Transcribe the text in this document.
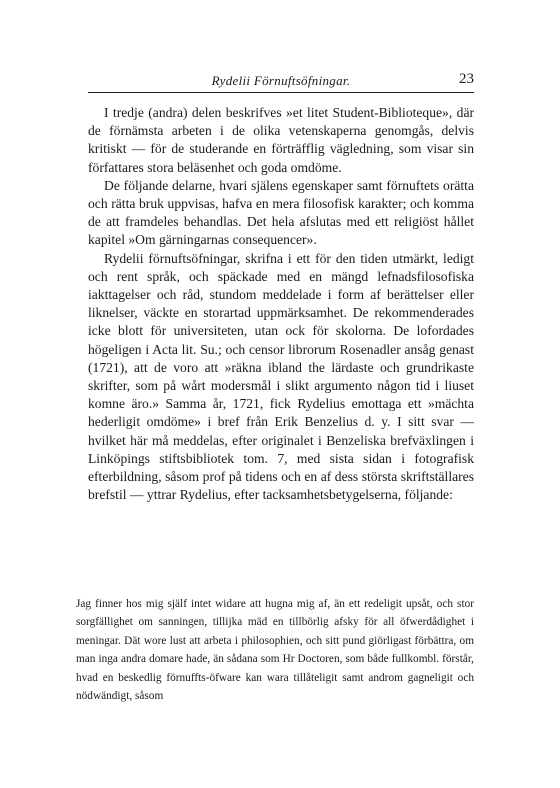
Rydelii Förnuftsöfningar.	23

I tredje (andra) delen beskrifves »et litet Student-Biblioteque», där de förnämsta arbeten i de olika vetenskaperna genomgås, delvis kritiskt — för de studerande en förträfflig vägledning, som visar sin författares stora beläsenhet och goda omdöme.

De följande delarne, hvari själens egenskaper samt förnuftets orätta och rätta bruk uppvisas, hafva en mera filosofisk karakter; och komma de att framdeles behandlas. Det hela afslutas med ett religiöst hållet kapitel »Om gärningarnas consequencer».

Rydelii förnuftsöfningar, skrifna i ett för den tiden utmärkt, ledigt och rent språk, och späckade med en mängd lefnadsfilosofiska iakttagelser och råd, stundom meddelade i form af berättelser eller liknelser, väckte en storartad uppmärksamhet. De rekommenderades icke blott för universiteten, utan ock för skolorna. De lofordades högeligen i Acta lit. Su.; och censor librorum Rosenadler ansåg genast (1721), att de voro att »räkna ibland the lärdaste och grundrikaste skrifter, som på wårt modersmål i slikt argumento någon tid i liuset komne äro.» Samma år, 1721, fick Rydelius emottaga ett »mächta hederligit omdöme» i bref från Erik Benzelius d. y. I sitt svar — hvilket här må meddelas, efter originalet i Benzeliska brefväxlingen i Linköpings stiftsbibliotek tom. 7, med sista sidan i fotografisk efterbildning, såsom prof på tidens och en af dess största skriftställares brefstil — yttrar Rydelius, efter tacksamhetsbetygelserna, följande:

Jag finner hos mig själf intet widare att hugna mig af, än ett redeligit upsåt, och stor sorgfällighet om sanningen, tillijka mäd en tillbörlig afsky för all öfwerdådighet i meningar. Dät wore lust att arbeta i philosophien, och sitt pund giörligast förbättra, om man inga andra domare hade, än sådana som Hr Doctoren, som både fullkombl. förstår, hvad en beskedlig förnuffts-öfware kan wara tillåteligit samt androm gagneligit och nödwändigt, såsom
